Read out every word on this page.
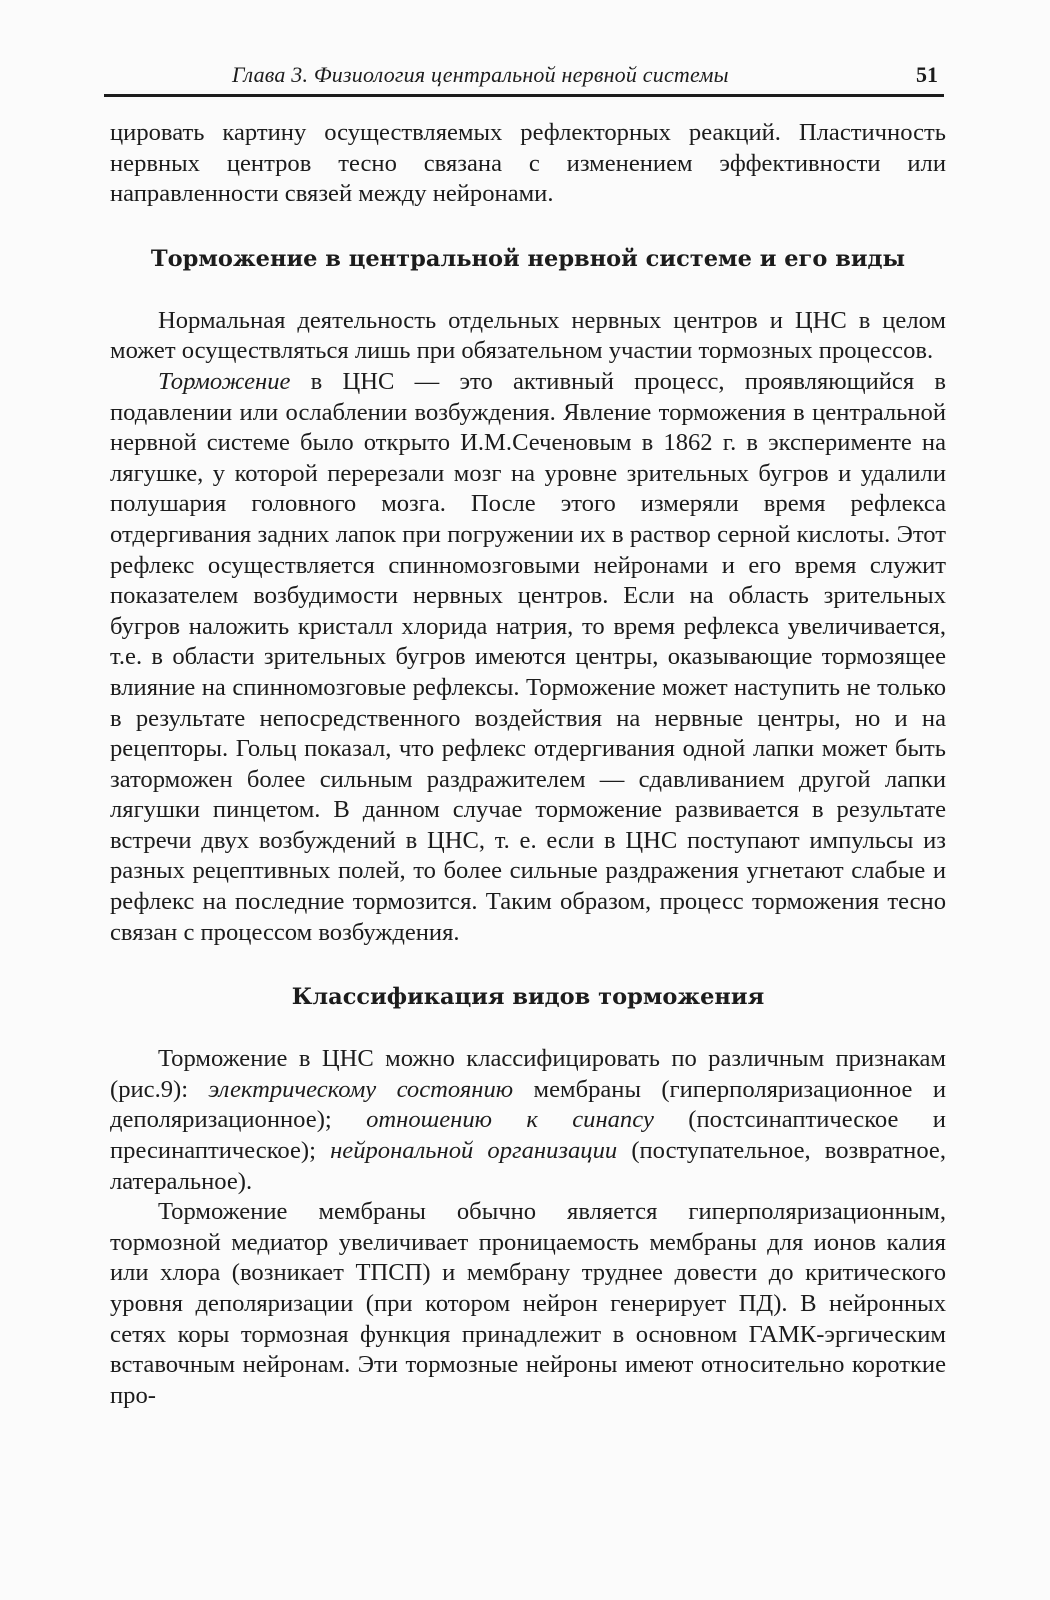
Глава 3. Физиология центральной нервной системы	51

цировать картину осуществляемых рефлекторных реакций. Пластичность нервных центров тесно связана с изменением эффективности или направленности связей между нейронами.

Торможение в центральной нервной системе и его виды

Нормальная деятельность отдельных нервных центров и ЦНС в целом может осуществляться лишь при обязательном участии тормозных процессов.

Торможение в ЦНС — это активный процесс, проявляющийся в подавлении или ослаблении возбуждения. Явление торможения в центральной нервной системе было открыто И.М.Сеченовым в 1862 г. в эксперименте на лягушке, у которой перерезали мозг на уровне зрительных бугров и удалили полушария головного мозга. После этого измеряли время рефлекса отдергивания задних лапок при погружении их в раствор серной кислоты. Этот рефлекс осуществляется спинномозговыми нейронами и его время служит показателем возбудимости нервных центров. Если на область зрительных бугров наложить кристалл хлорида натрия, то время рефлекса увеличивается, т.е. в области зрительных бугров имеются центры, оказывающие тормозящее влияние на спинномозговые рефлексы. Торможение может наступить не только в результате непосредственного воздействия на нервные центры, но и на рецепторы. Гольц показал, что рефлекс отдергивания одной лапки может быть заторможен более сильным раздражителем — сдавливанием другой лапки лягушки пинцетом. В данном случае торможение развивается в результате встречи двух возбуждений в ЦНС, т. е. если в ЦНС поступают импульсы из разных рецептивных полей, то более сильные раздражения угнетают слабые и рефлекс на последние тормозится. Таким образом, процесс торможения тесно связан с процессом возбуждения.

Классификация видов торможения

Торможение в ЦНС можно классифицировать по различным признакам (рис.9): электрическому состоянию мембраны (гиперполяризационное и деполяризационное); отношению к синапсу (постсинаптическое и пресинаптическое); нейрональной организации (поступательное, возвратное, латеральное).

Торможение мембраны обычно является гиперполяризационным, тормозной медиатор увеличивает проницаемость мембраны для ионов калия или хлора (возникает ТПСП) и мембрану труднее довести до критического уровня деполяризации (при котором нейрон генерирует ПД). В нейронных сетях коры тормозная функция принадлежит в основном ГАМК-эргическим вставочным нейронам. Эти тормозные нейроны имеют относительно короткие про-
